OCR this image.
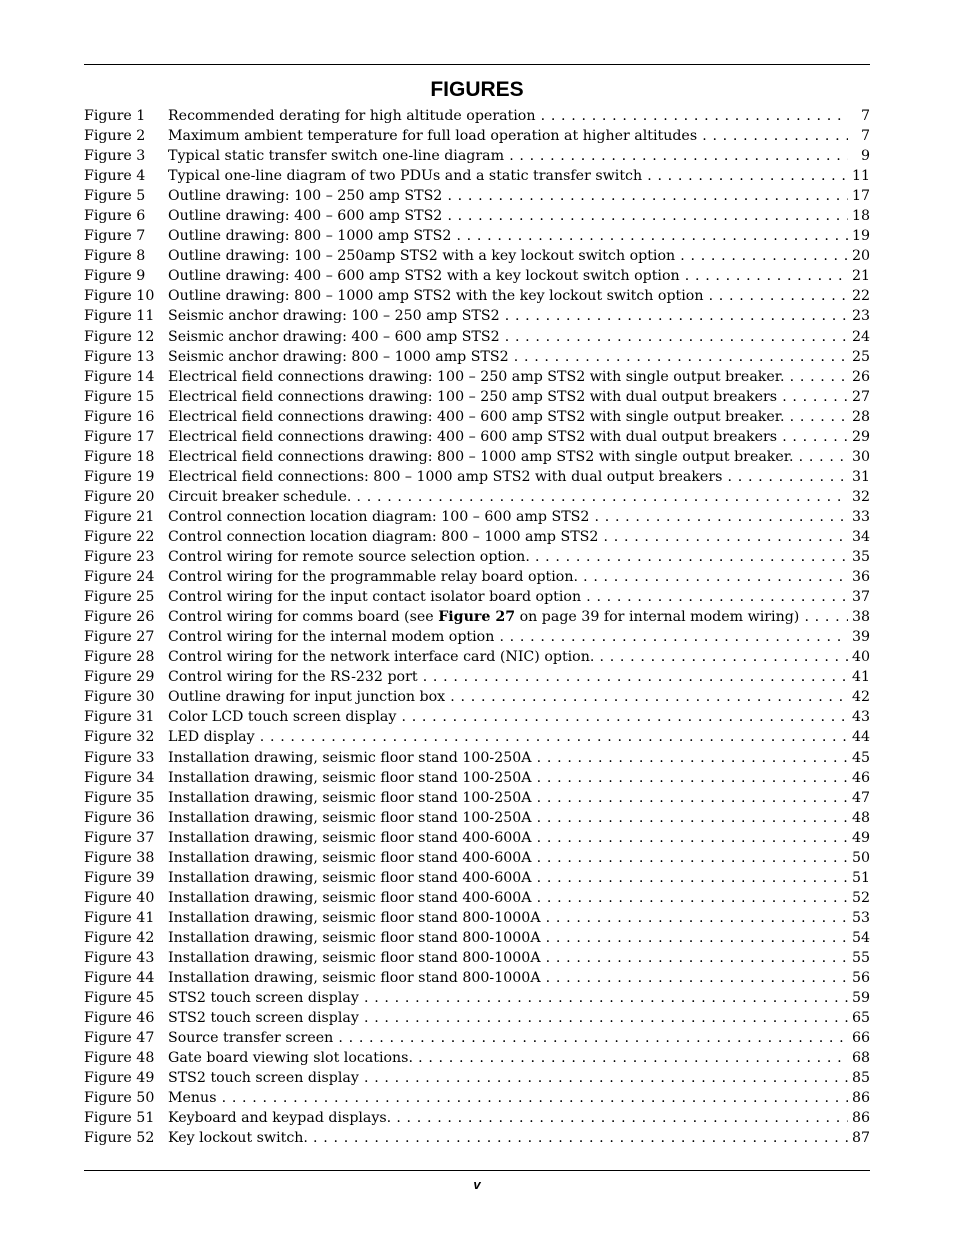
FIGURES
Figure 1	Recommended derating for high altitude operation . . .	7
Figure 2	Maximum ambient temperature for full load operation at higher altitudes . . .	7
Figure 3	Typical static transfer switch one-line diagram . . .	9
Figure 4	Typical one-line diagram of two PDUs and a static transfer switch . . .	11
Figure 5	Outline drawing: 100 – 250 amp STS2 . . .	17
Figure 6	Outline drawing: 400 – 600 amp STS2 . . .	18
Figure 7	Outline drawing: 800 – 1000 amp STS2 . . .	19
Figure 8	Outline drawing: 100 – 250amp STS2 with a key lockout switch option . . .	20
Figure 9	Outline drawing: 400 – 600 amp STS2 with a key lockout switch option . . .	21
Figure 10 Outline drawing: 800 – 1000 amp STS2 with the key lockout switch option . . .	22
Figure 11 Seismic anchor drawing: 100 – 250 amp STS2 . . .	23
Figure 12 Seismic anchor drawing: 400 – 600 amp STS2 . . .	24
Figure 13 Seismic anchor drawing: 800 – 1000 amp STS2 . . .	25
Figure 14 Electrical field connections drawing: 100 – 250 amp STS2 with single output breaker. . . .	26
Figure 15 Electrical field connections drawing: 100 – 250 amp STS2 with dual output breakers . . .	27
Figure 16 Electrical field connections drawing: 400 – 600 amp STS2 with single output breaker. . . .	28
Figure 17 Electrical field connections drawing: 400 – 600 amp STS2 with dual output breakers . . .	29
Figure 18 Electrical field connections drawing: 800 – 1000 amp STS2 with single output breaker. . . .	30
Figure 19 Electrical field connections: 800 – 1000 amp STS2 with dual output breakers . . .	31
Figure 20 Circuit breaker schedule. . . .	32
Figure 21 Control connection location diagram: 100 – 600 amp STS2 . . .	33
Figure 22 Control connection location diagram: 800 – 1000 amp STS2 . . .	34
Figure 23 Control wiring for remote source selection option. . . .	35
Figure 24 Control wiring for the programmable relay board option. . . .	36
Figure 25 Control wiring for the input contact isolator board option . . .	37
Figure 26 Control wiring for comms board (see Figure 27 on page 39 for internal modem wiring) . . .	38
Figure 27 Control wiring for the internal modem option . . .	39
Figure 28 Control wiring for the network interface card (NIC) option. . . .	40
Figure 29 Control wiring for the RS-232 port . . .	41
Figure 30 Outline drawing for input junction box . . .	42
Figure 31 Color LCD touch screen display . . .	43
Figure 32 LED display . . .	44
Figure 33 Installation drawing, seismic floor stand 100-250A . . .	45
Figure 34 Installation drawing, seismic floor stand 100-250A . . .	46
Figure 35 Installation drawing, seismic floor stand 100-250A . . .	47
Figure 36 Installation drawing, seismic floor stand 100-250A . . .	48
Figure 37 Installation drawing, seismic floor stand 400-600A . . .	49
Figure 38 Installation drawing, seismic floor stand 400-600A . . .	50
Figure 39 Installation drawing, seismic floor stand 400-600A . . .	51
Figure 40 Installation drawing, seismic floor stand 400-600A . . .	52
Figure 41 Installation drawing, seismic floor stand 800-1000A . . .	53
Figure 42 Installation drawing, seismic floor stand 800-1000A . . .	54
Figure 43 Installation drawing, seismic floor stand 800-1000A . . .	55
Figure 44 Installation drawing, seismic floor stand 800-1000A . . .	56
Figure 45 STS2 touch screen display . . .	59
Figure 46 STS2 touch screen display . . .	65
Figure 47 Source transfer screen . . .	66
Figure 48 Gate board viewing slot locations. . . .	68
Figure 49 STS2 touch screen display . . .	85
Figure 50 Menus . . .	86
Figure 51 Keyboard and keypad displays. . . .	86
Figure 52 Key lockout switch. . . .	87
v
